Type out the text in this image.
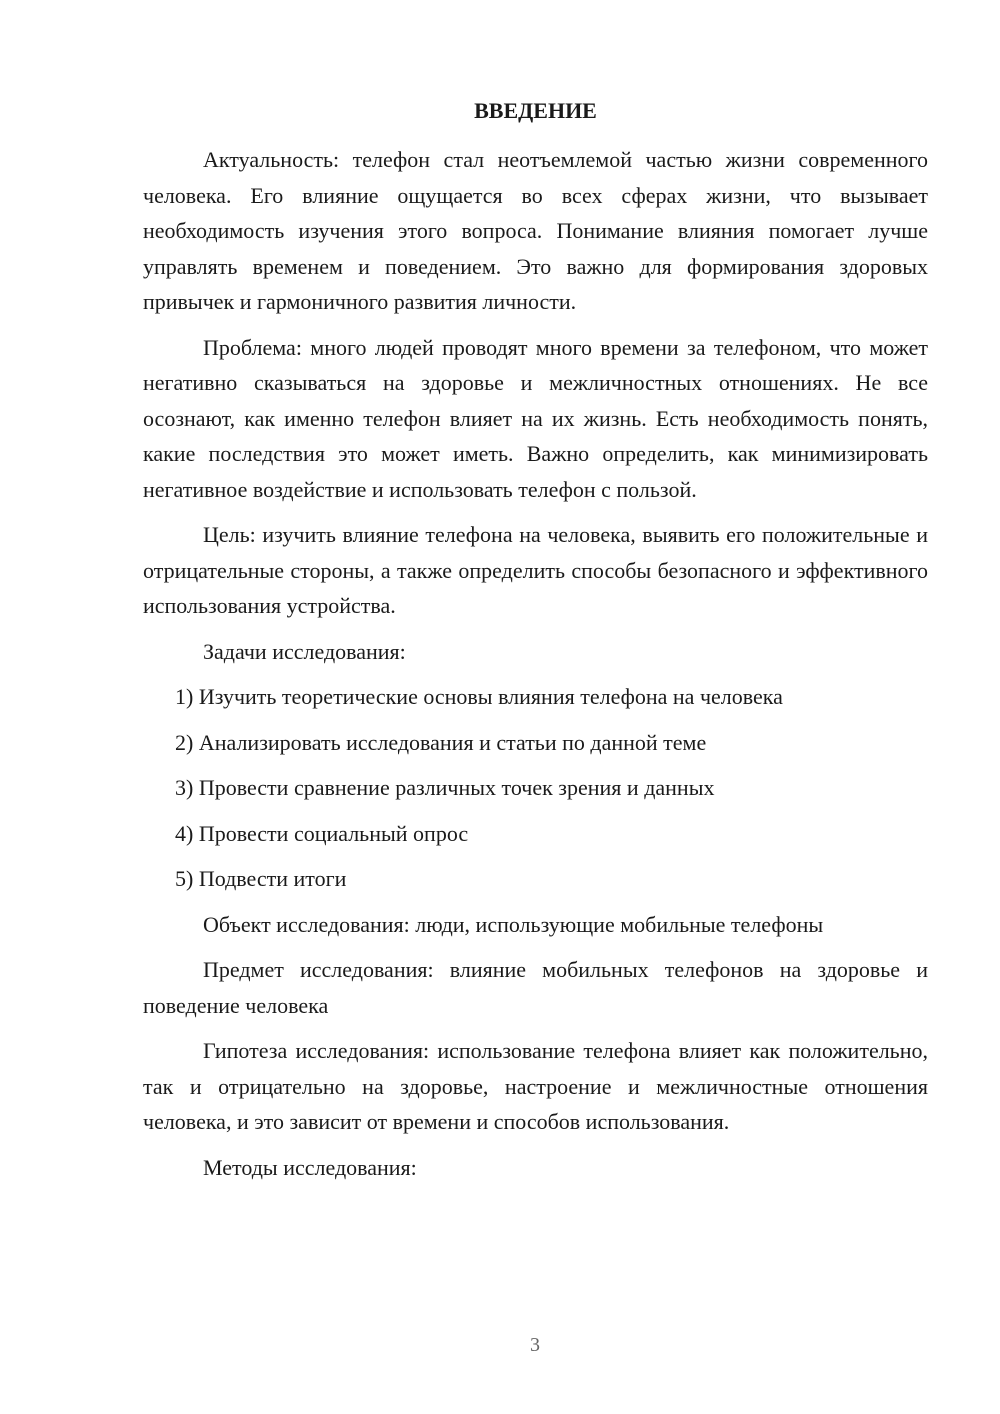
ВВЕДЕНИЕ

Актуальность: телефон стал неотъемлемой частью жизни современного человека. Его влияние ощущается во всех сферах жизни, что вызывает необходимость изучения этого вопроса. Понимание влияния помогает лучше управлять временем и поведением. Это важно для формирования здоровых привычек и гармоничного развития личности.

Проблема: много людей проводят много времени за телефоном, что может негативно сказываться на здоровье и межличностных отношениях. Не все осознают, как именно телефон влияет на их жизнь. Есть необходимость понять, какие последствия это может иметь. Важно определить, как минимизировать негативное воздействие и использовать телефон с пользой.

Цель: изучить влияние телефона на человека, выявить его положительные и отрицательные стороны, а также определить способы безопасного и эффективного использования устройства.

Задачи исследования:

1) Изучить теоретические основы влияния телефона на человека
2) Анализировать исследования и статьи по данной теме
3) Провести сравнение различных точек зрения и данных
4) Провести социальный опрос
5) Подвести итоги

Объект исследования: люди, использующие мобильные телефоны

Предмет исследования: влияние мобильных телефонов на здоровье и поведение человека

Гипотеза исследования: использование телефона влияет как положительно, так и отрицательно на здоровье, настроение и межличностные отношения человека, и это зависит от времени и способов использования.

Методы исследования:

3
